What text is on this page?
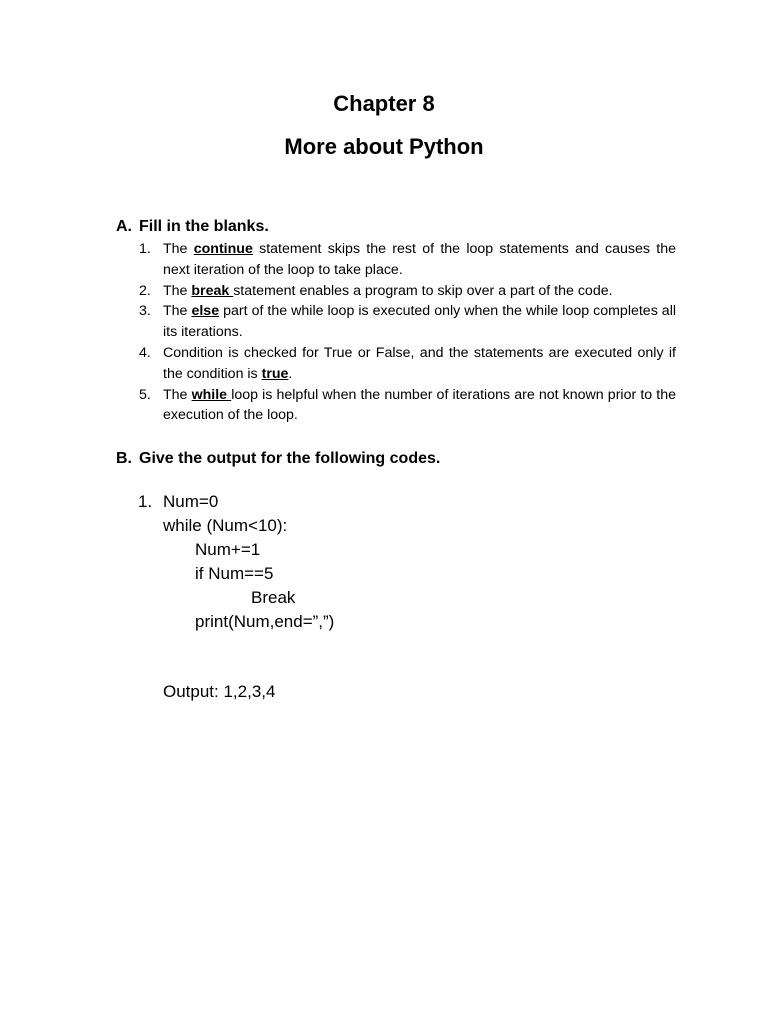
Chapter 8
More about Python
A. Fill in the blanks.
1. The continue statement skips the rest of the loop statements and causes the next iteration of the loop to take place.
2. The break statement enables a program to skip over a part of the code.
3. The else part of the while loop is executed only when the while loop completes all its iterations.
4. Condition is checked for True or False, and the statements are executed only if the condition is true.
5. The while loop is helpful when the number of iterations are not known prior to the execution of the loop.
B. Give the output for the following codes.
1. Num=0
while (Num<10):
Num+=1
if Num==5
Break
print(Num,end=”,”)
Output: 1,2,3,4
